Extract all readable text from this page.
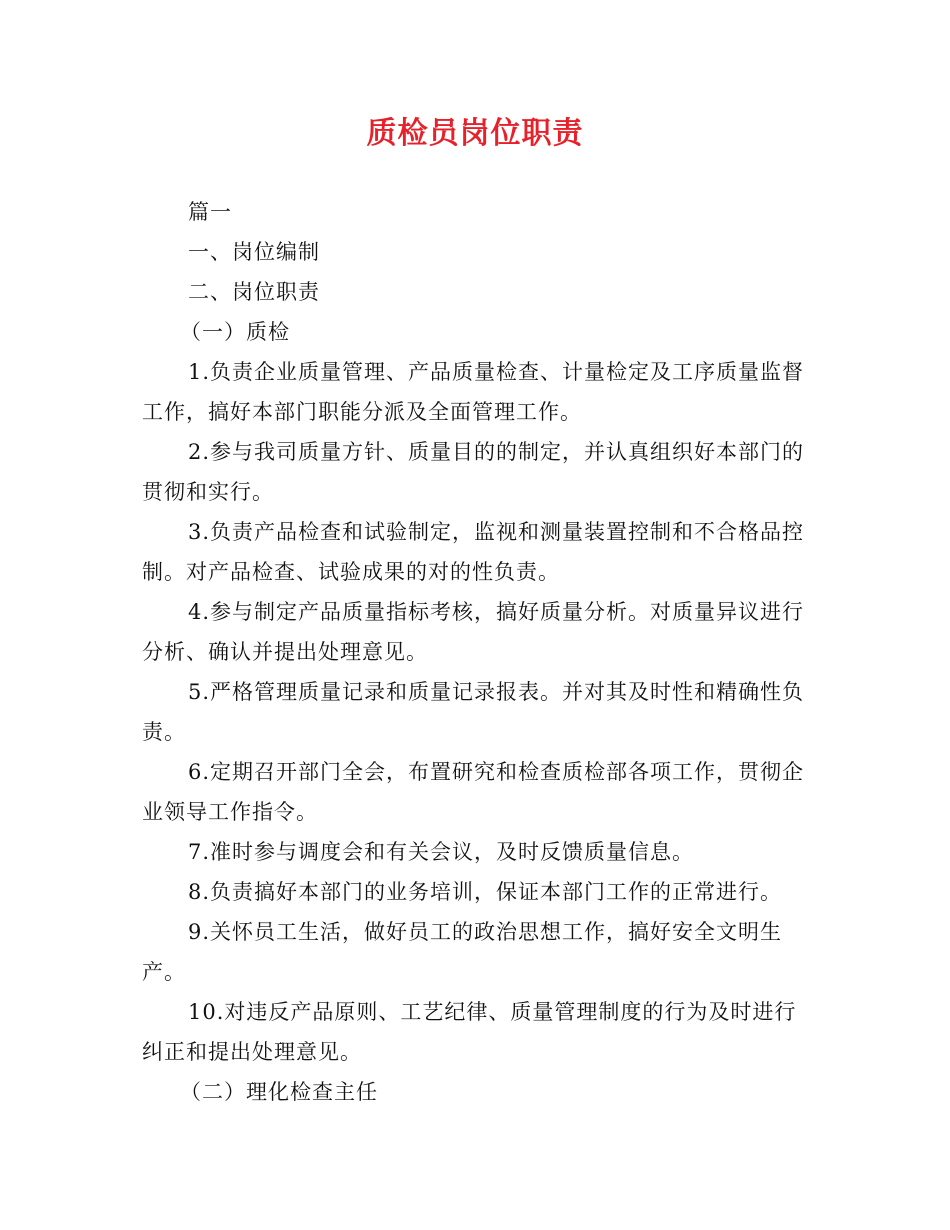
质检员岗位职责

篇一

一、岗位编制

二、岗位职责

（一）质检

1.负责企业质量管理、产品质量检查、计量检定及工序质量监督工作，搞好本部门职能分派及全面管理工作。

2.参与我司质量方针、质量目的的制定，并认真组织好本部门的贯彻和实行。

3.负责产品检查和试验制定，监视和测量装置控制和不合格品控制。对产品检查、试验成果的对的性负责。

4.参与制定产品质量指标考核，搞好质量分析。对质量异议进行分析、确认并提出处理意见。

5.严格管理质量记录和质量记录报表。并对其及时性和精确性负责。

6.定期召开部门全会，布置研究和检查质检部各项工作，贯彻企业领导工作指令。

7.准时参与调度会和有关会议，及时反馈质量信息。

8.负责搞好本部门的业务培训，保证本部门工作的正常进行。

9.关怀员工生活，做好员工的政治思想工作，搞好安全文明生产。

10.对违反产品原则、工艺纪律、质量管理制度的行为及时进行纠正和提出处理意见。

（二）理化检查主任
